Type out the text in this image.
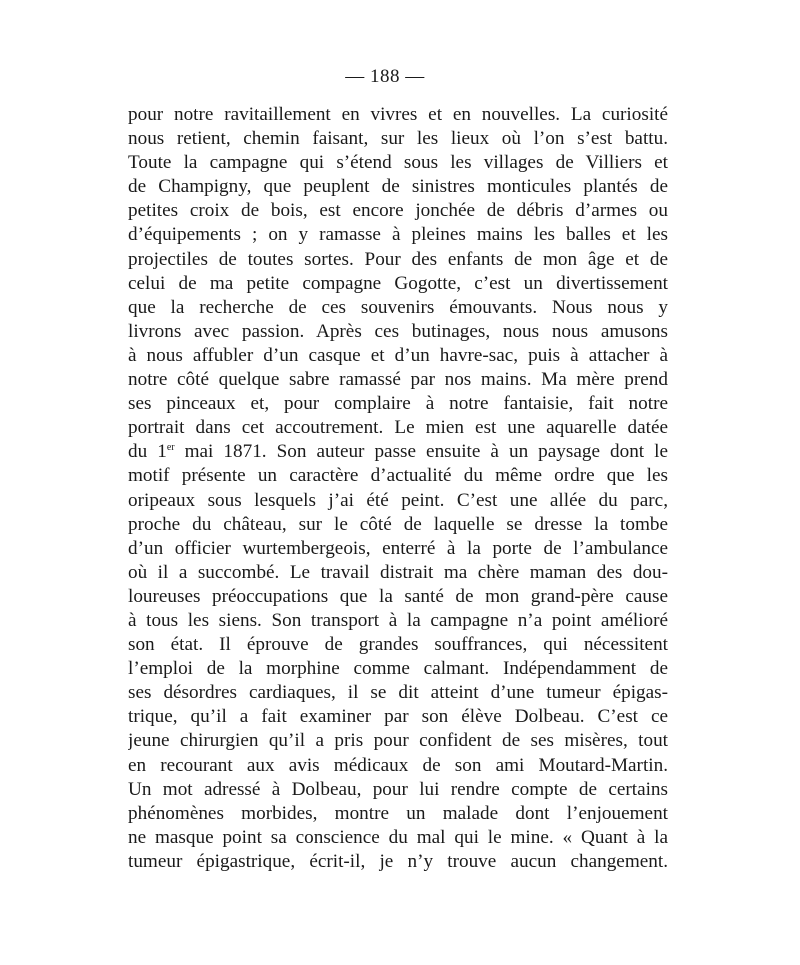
— 188 —
pour notre ravitaillement en vivres et en nouvelles. La curiosité
nous retient, chemin faisant, sur les lieux où l’on s’est battu.
Toute la campagne qui s’étend sous les villages de Villiers et
de Champigny, que peuplent de sinistres monticules plantés de
petites croix de bois, est encore jonchée de débris d’armes ou
d’équipements ; on y ramasse à pleines mains les balles et les
projectiles de toutes sortes. Pour des enfants de mon âge et de
celui de ma petite compagne Gogotte, c’est un divertissement
que la recherche de ces souvenirs émouvants. Nous nous y
livrons avec passion. Après ces butinages, nous nous amusons
à nous affubler d’un casque et d’un havre-sac, puis à attacher à
notre côté quelque sabre ramassé par nos mains. Ma mère prend
ses pinceaux et, pour complaire à notre fantaisie, fait notre
portrait dans cet accoutrement. Le mien est une aquarelle datée
du 1er mai 1871. Son auteur passe ensuite à un paysage dont le
motif présente un caractère d’actualité du même ordre que les
oripeaux sous lesquels j’ai été peint. C’est une allée du parc,
proche du château, sur le côté de laquelle se dresse la tombe
d’un officier wurtembergeois, enterré à la porte de l’ambulance
où il a succombé. Le travail distrait ma chère maman des dou-
loureuses préoccupations que la santé de mon grand-père cause
à tous les siens. Son transport à la campagne n’a point amélioré
son état. Il éprouve de grandes souffrances, qui nécessitent
l’emploi de la morphine comme calmant. Indépendamment de
ses désordres cardiaques, il se dit atteint d’une tumeur épigas-
trique, qu’il a fait examiner par son élève Dolbeau. C’est ce
jeune chirurgien qu’il a pris pour confident de ses misères, tout
en recourant aux avis médicaux de son ami Moutard-Martin.
Un mot adressé à Dolbeau, pour lui rendre compte de certains
phénomènes morbides, montre un malade dont l’enjouement
ne masque point sa conscience du mal qui le mine. « Quant à la
tumeur épigastrique, écrit-il, je n’y trouve aucun changement.
